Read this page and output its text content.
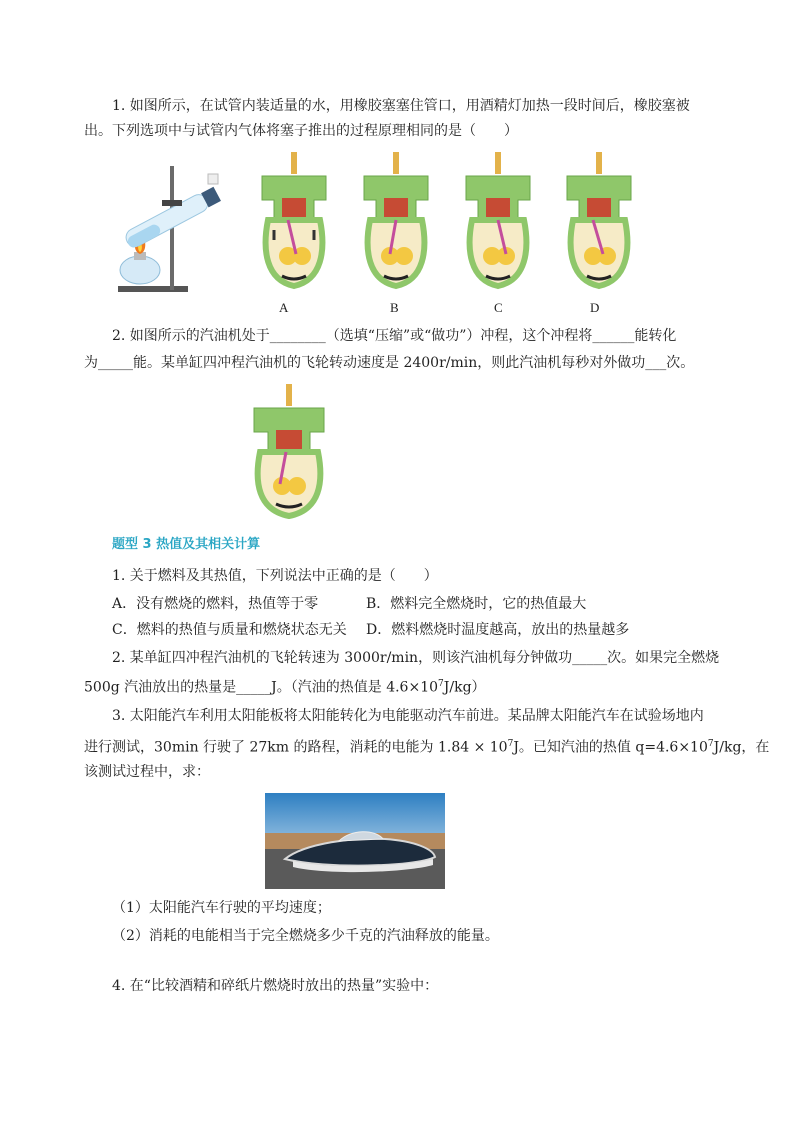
1. 如图所示，在试管内装适量的水，用橡胶塞塞住管口，用酒精灯加热一段时间后，橡胶塞被
出。下列选项中与试管内气体将塞子推出的过程原理相同的是（　　）
A	B	C	D
2. 如图所示的汽油机处于________（选填“压缩”或“做功”）冲程，这个冲程将______能转化
为_____能。某单缸四冲程汽油机的飞轮转动速度是 2400r/min，则此汽油机每秒对外做功___次。
题型 3 热值及其相关计算
1. 关于燃料及其热值，下列说法中正确的是（　　）
A．没有燃烧的燃料，热值等于零	B．燃料完全燃烧时，它的热值最大
C．燃料的热值与质量和燃烧状态无关 D．燃料燃烧时温度越高，放出的热量越多
2. 某单缸四冲程汽油机的飞轮转速为 3000r/min，则该汽油机每分钟做功_____次。如果完全燃烧
500g 汽油放出的热量是_____J。（汽油的热值是 $4.6\times 10^7J/kg$）
3. 太阳能汽车利用太阳能板将太阳能转化为电能驱动汽车前进。某品牌太阳能汽车在试验场地内
进行测试，30min 行驶了 27km 的路程，消耗的电能为 $1.84 \times 10^7J$。已知汽油的热值 $q=4.6\times 10^7J/kg$，在
该测试过程中，求：
（1）太阳能汽车行驶的平均速度；
（2）消耗的电能相当于完全燃烧多少千克的汽油释放的能量。
4. 在“比较酒精和碎纸片燃烧时放出的热量”实验中：
